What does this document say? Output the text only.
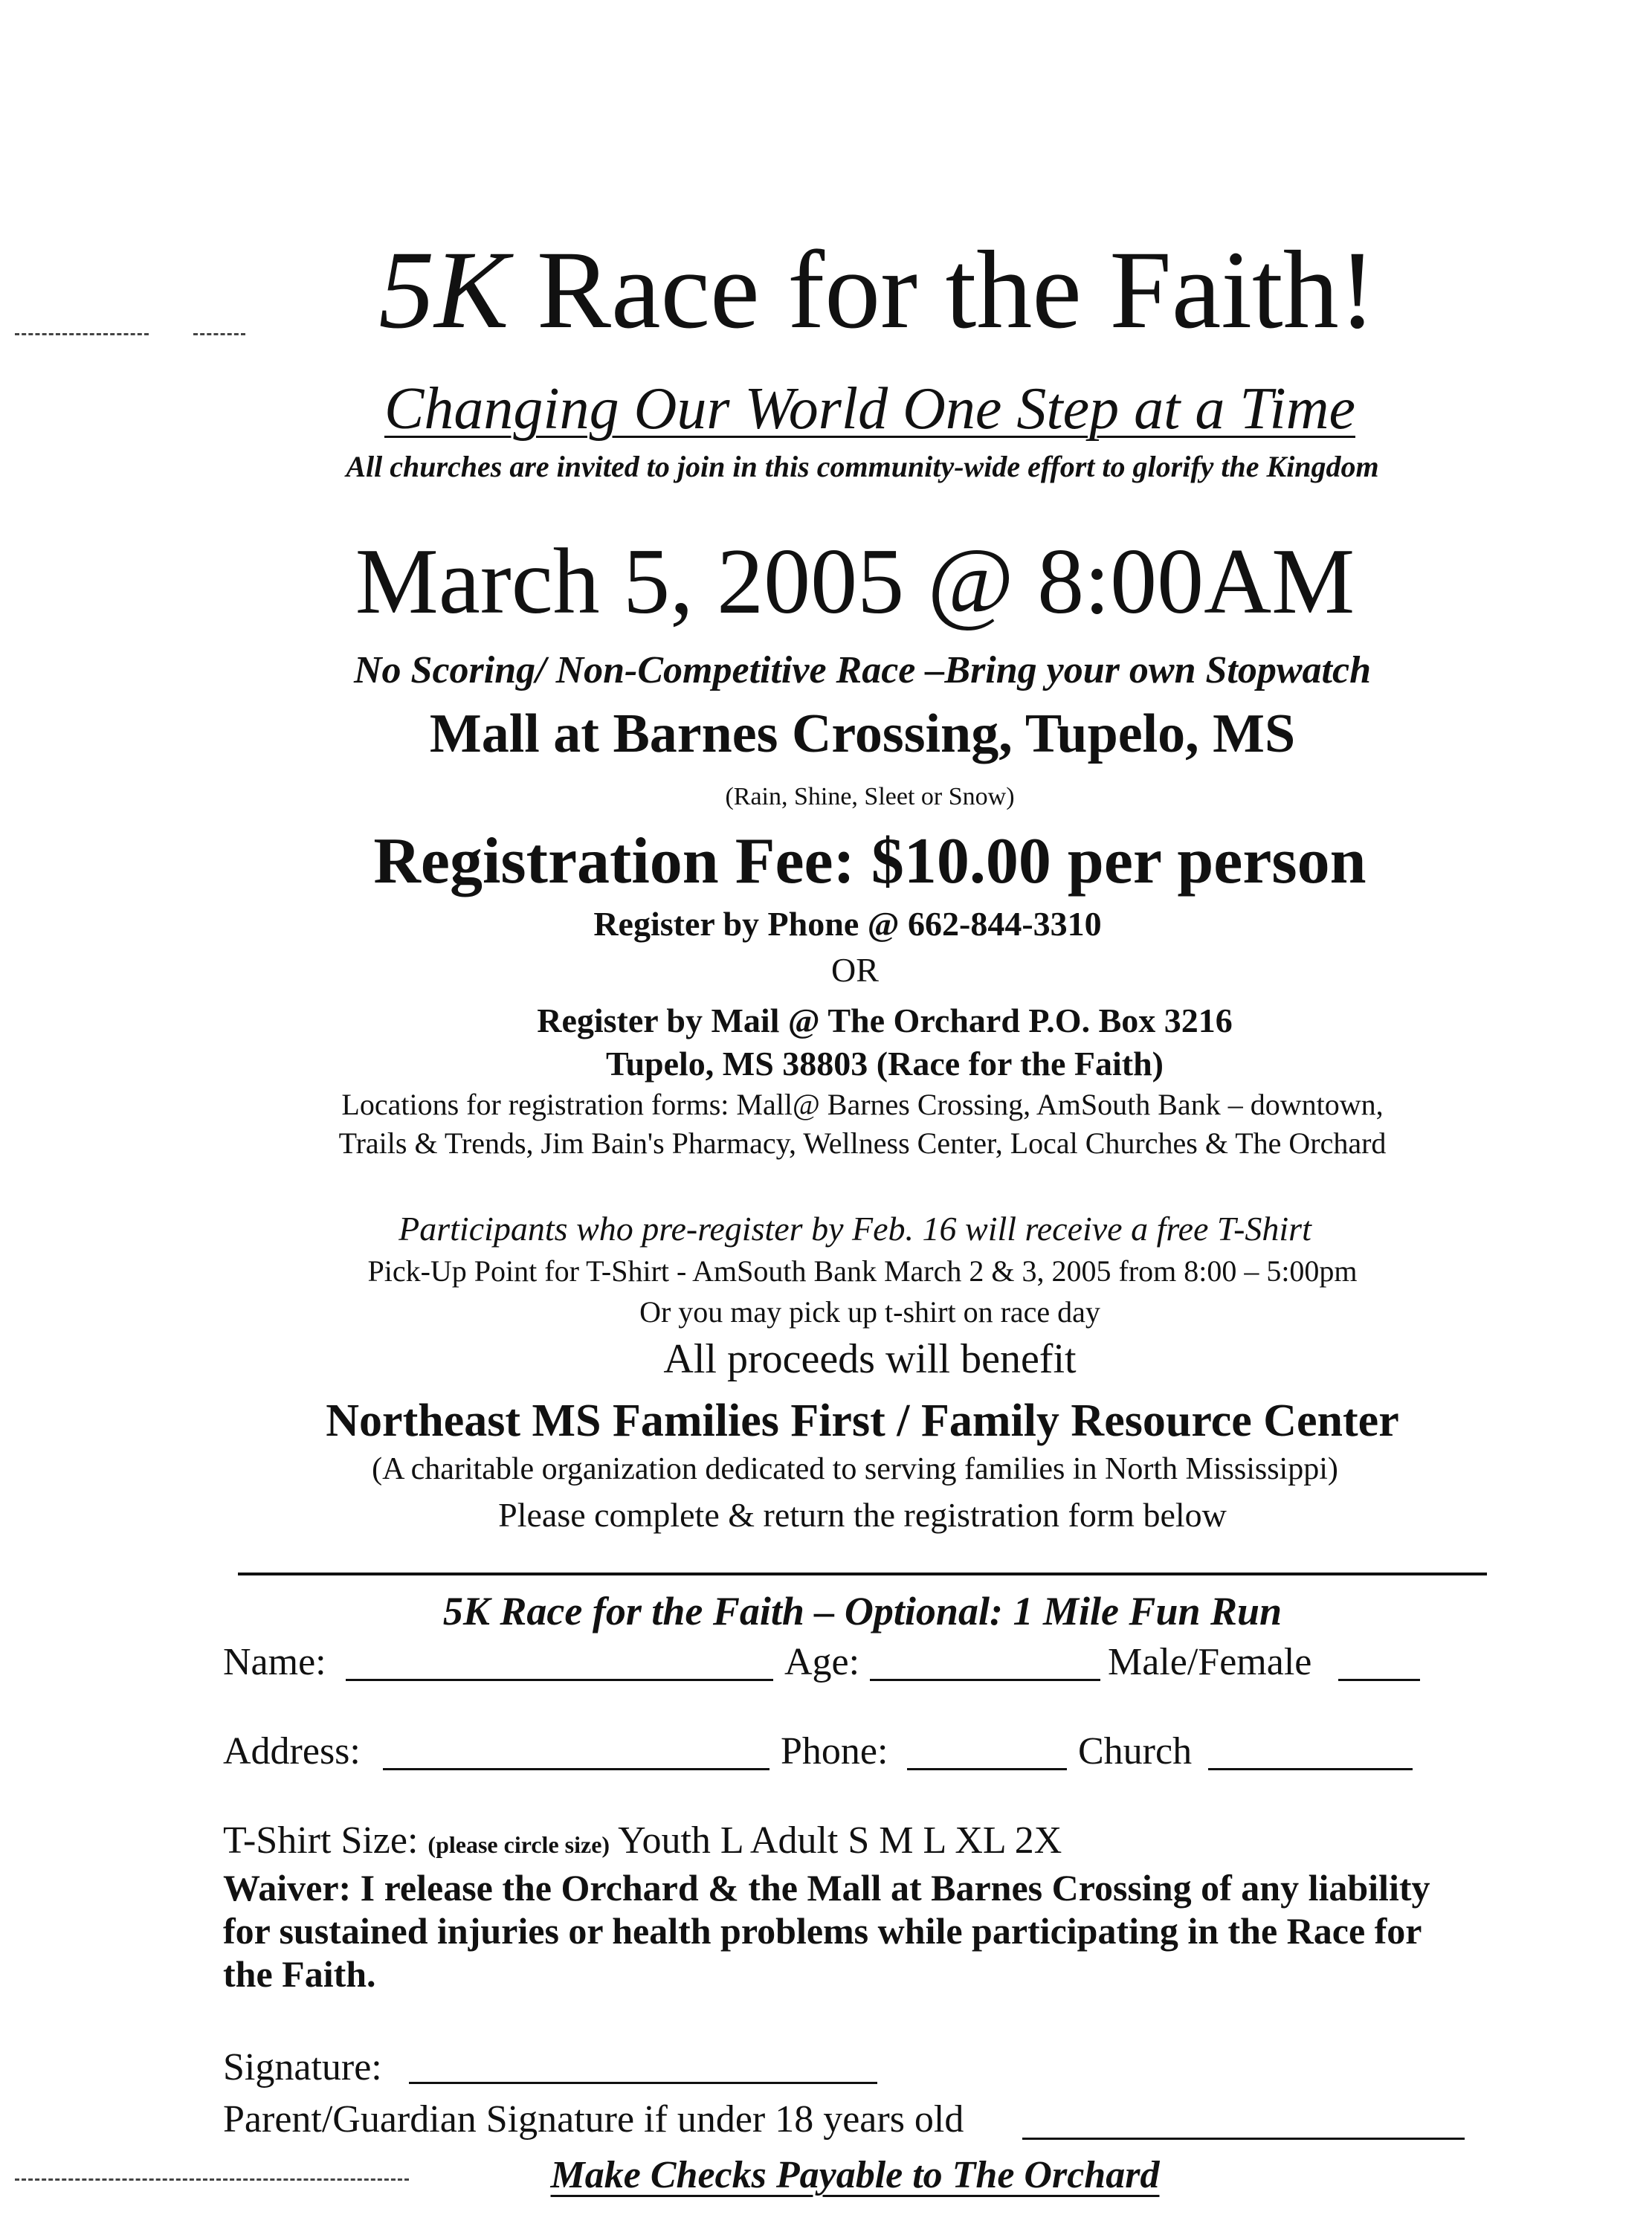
5K Race for the Faith!
Changing Our World One Step at a Time
All churches are invited to join in this community-wide effort to glorify the Kingdom
March 5, 2005 @ 8:00AM
No Scoring/ Non-Competitive Race –Bring your own Stopwatch
Mall at Barnes Crossing, Tupelo, MS
(Rain, Shine, Sleet or Snow)
Registration Fee: $10.00 per person
Register by Phone @ 662-844-3310
OR
Register by Mail @ The Orchard P.O. Box 3216
Tupelo, MS 38803 (Race for the Faith)
Locations for registration forms: Mall@ Barnes Crossing, AmSouth Bank – downtown,
Trails & Trends, Jim Bain's Pharmacy, Wellness Center, Local Churches & The Orchard
Participants who pre-register by Feb. 16 will receive a free T-Shirt
Pick-Up Point for T-Shirt - AmSouth Bank March 2 & 3, 2005 from 8:00 – 5:00pm
Or you may pick up t-shirt on race day
All proceeds will benefit
Northeast MS Families First / Family Resource Center
(A charitable organization dedicated to serving families in North Mississippi)
Please complete & return the registration form below
5K Race for the Faith – Optional: 1 Mile Fun Run
Name:	Age:	Male/Female
Address:	Phone:	Church
T-Shirt Size: (please circle size) Youth L Adult S M L XL 2X
Waiver: I release the Orchard & the Mall at Barnes Crossing of any liability for sustained injuries or health problems while participating in the Race for the Faith.
Signature:
Parent/Guardian Signature if under 18 years old
Make Checks Payable to The Orchard
